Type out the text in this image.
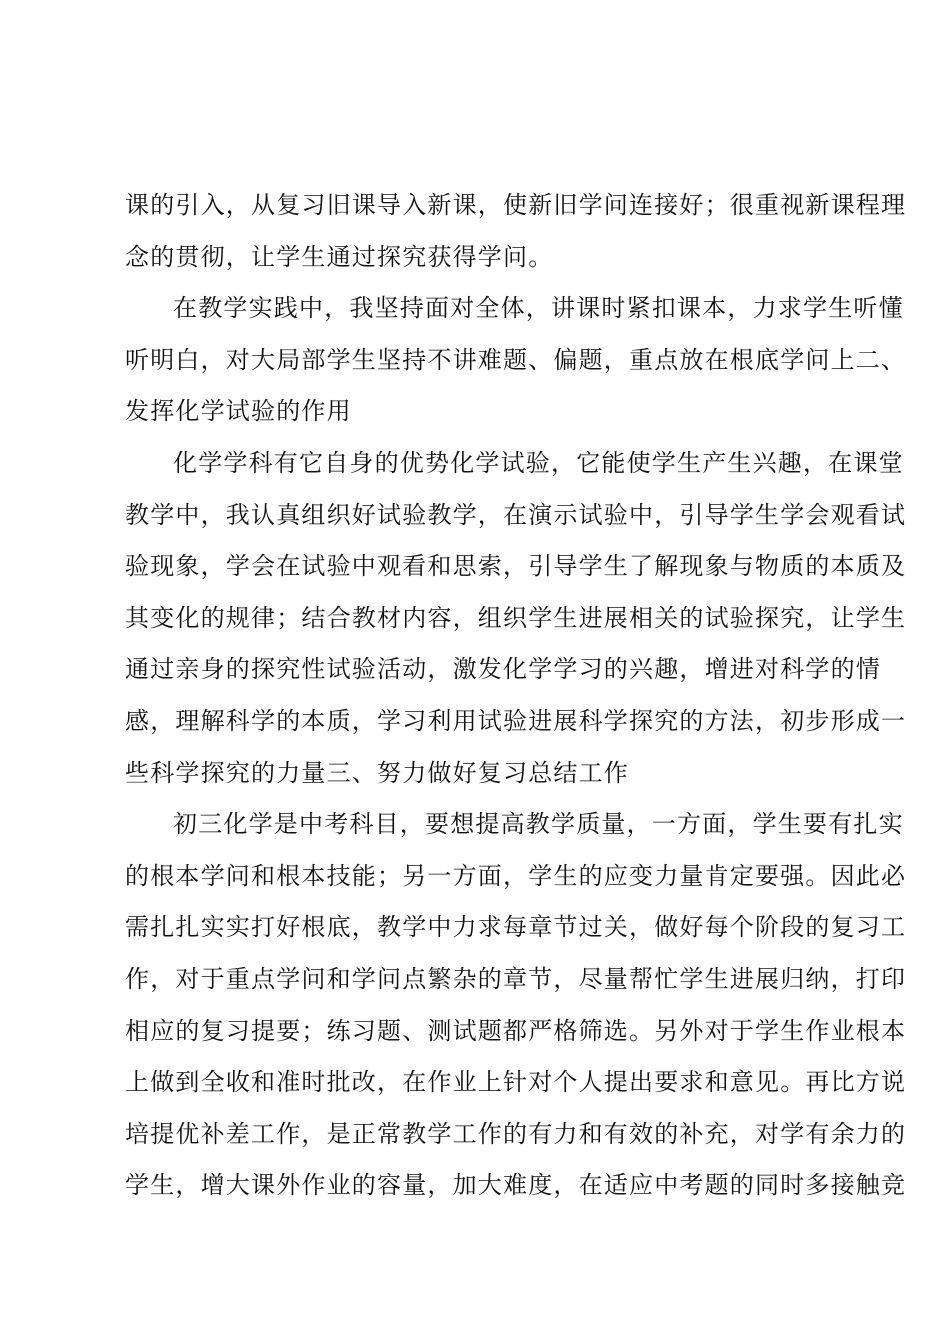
课的引入，从复习旧课导入新课，使新旧学问连接好；很重视新课程理
念的贯彻，让学生通过探究获得学问。
在教学实践中，我坚持面对全体，讲课时紧扣课本，力求学生听懂
听明白，对大局部学生坚持不讲难题、偏题，重点放在根底学问上二、
发挥化学试验的作用
化学学科有它自身的优势化学试验，它能使学生产生兴趣，在课堂
教学中，我认真组织好试验教学，在演示试验中，引导学生学会观看试
验现象，学会在试验中观看和思索，引导学生了解现象与物质的本质及
其变化的规律；结合教材内容，组织学生进展相关的试验探究，让学生
通过亲身的探究性试验活动，激发化学学习的兴趣，增进对科学的情
感，理解科学的本质，学习利用试验进展科学探究的方法，初步形成一
些科学探究的力量三、努力做好复习总结工作
初三化学是中考科目，要想提高教学质量，一方面，学生要有扎实
的根本学问和根本技能；另一方面，学生的应变力量肯定要强。因此必
需扎扎实实打好根底，教学中力求每章节过关，做好每个阶段的复习工
作，对于重点学问和学问点繁杂的章节，尽量帮忙学生进展归纳，打印
相应的复习提要；练习题、测试题都严格筛选。另外对于学生作业根本
上做到全收和准时批改，在作业上针对个人提出要求和意见。再比方说
培提优补差工作，是正常教学工作的有力和有效的补充，对学有余力的
学生，增大课外作业的容量，加大难度，在适应中考题的同时多接触竞
